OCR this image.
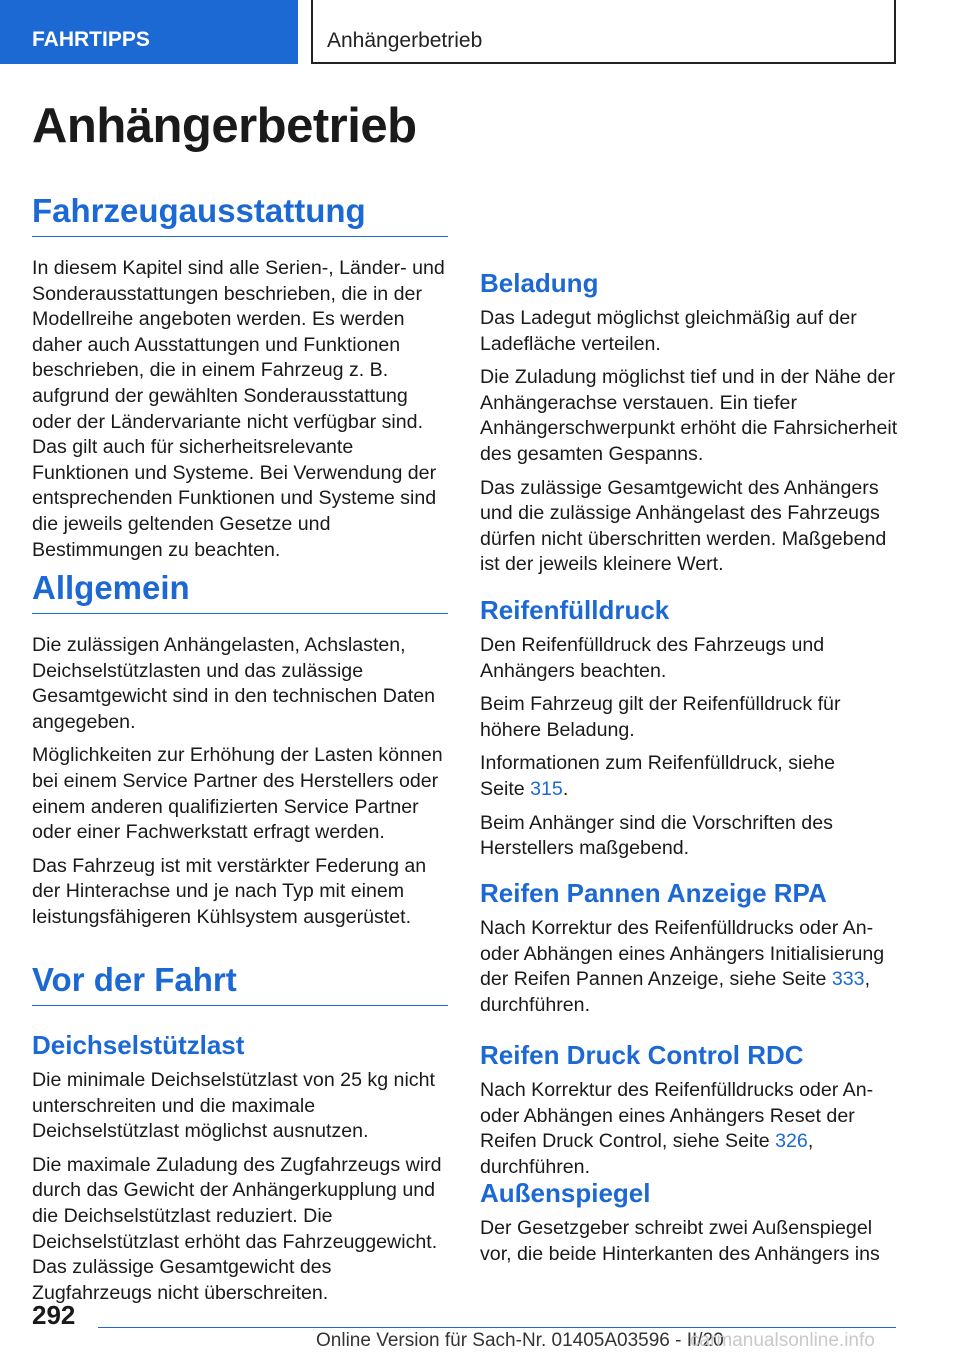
FAHRTIPPS	Anhängerbetrieb
Anhängerbetrieb
Fahrzeugausstattung

In diesem Kapitel sind alle Serien-, Länder- und Sonderausstattungen beschrieben, die in der Modellreihe angeboten werden. Es werden daher auch Ausstattungen und Funktionen beschrieben, die in einem Fahrzeug z. B. aufgrund der gewählten Sonderausstattung oder der Ländervariante nicht verfügbar sind. Das gilt auch für sicherheitsrelevante Funktionen und Systeme. Bei Verwendung der entsprechenden Funktionen und Systeme sind die jeweils geltenden Gesetze und Bestimmungen zu beachten.

Allgemein

Die zulässigen Anhängelasten, Achslasten, Deichselstützlasten und das zulässige Gesamtgewicht sind in den technischen Daten angegeben.

Möglichkeiten zur Erhöhung der Lasten können bei einem Service Partner des Herstellers oder einem anderen qualifizierten Service Partner oder einer Fachwerkstatt erfragt werden.

Das Fahrzeug ist mit verstärkter Federung an der Hinterachse und je nach Typ mit einem leistungsfähigeren Kühlsystem ausgerüstet.

Vor der Fahrt
Deichselstützlast

Die minimale Deichselstützlast von 25 kg nicht unterschreiten und die maximale Deichselstützlast möglichst ausnutzen.

Die maximale Zuladung des Zugfahrzeugs wird durch das Gewicht der Anhängerkupplung und die Deichselstützlast reduziert. Die Deichselstützlast erhöht das Fahrzeuggewicht. Das zulässige Gesamtgewicht des Zugfahrzeugs nicht überschreiten.

Beladung

Das Ladegut möglichst gleichmäßig auf der Ladefläche verteilen.

Die Zuladung möglichst tief und in der Nähe der Anhängerachse verstauen. Ein tiefer Anhängerschwerpunkt erhöht die Fahrsicherheit des gesamten Gespanns.

Das zulässige Gesamtgewicht des Anhängers und die zulässige Anhängelast des Fahrzeugs dürfen nicht überschritten werden. Maßgebend ist der jeweils kleinere Wert.

Reifenfülldruck

Den Reifenfülldruck des Fahrzeugs und Anhängers beachten.

Beim Fahrzeug gilt der Reifenfülldruck für höhere Beladung.

Informationen zum Reifenfülldruck, siehe
Seite 315.

Beim Anhänger sind die Vorschriften des Herstellers maßgebend.

Reifen Pannen Anzeige RPA

Nach Korrektur des Reifenfülldrucks oder An- oder Abhängen eines Anhängers Initialisierung der Reifen Pannen Anzeige, siehe Seite 333, durchführen.

Reifen Druck Control RDC

Nach Korrektur des Reifenfülldrucks oder An- oder Abhängen eines Anhängers Reset der Reifen Druck Control, siehe Seite 326, durchführen.

Außenspiegel

Der Gesetzgeber schreibt zwei Außenspiegel vor, die beide Hinterkanten des Anhängers ins

292
Online Version für Sach-Nr. 01405A03596 - II/20
carmanualsonline.info
